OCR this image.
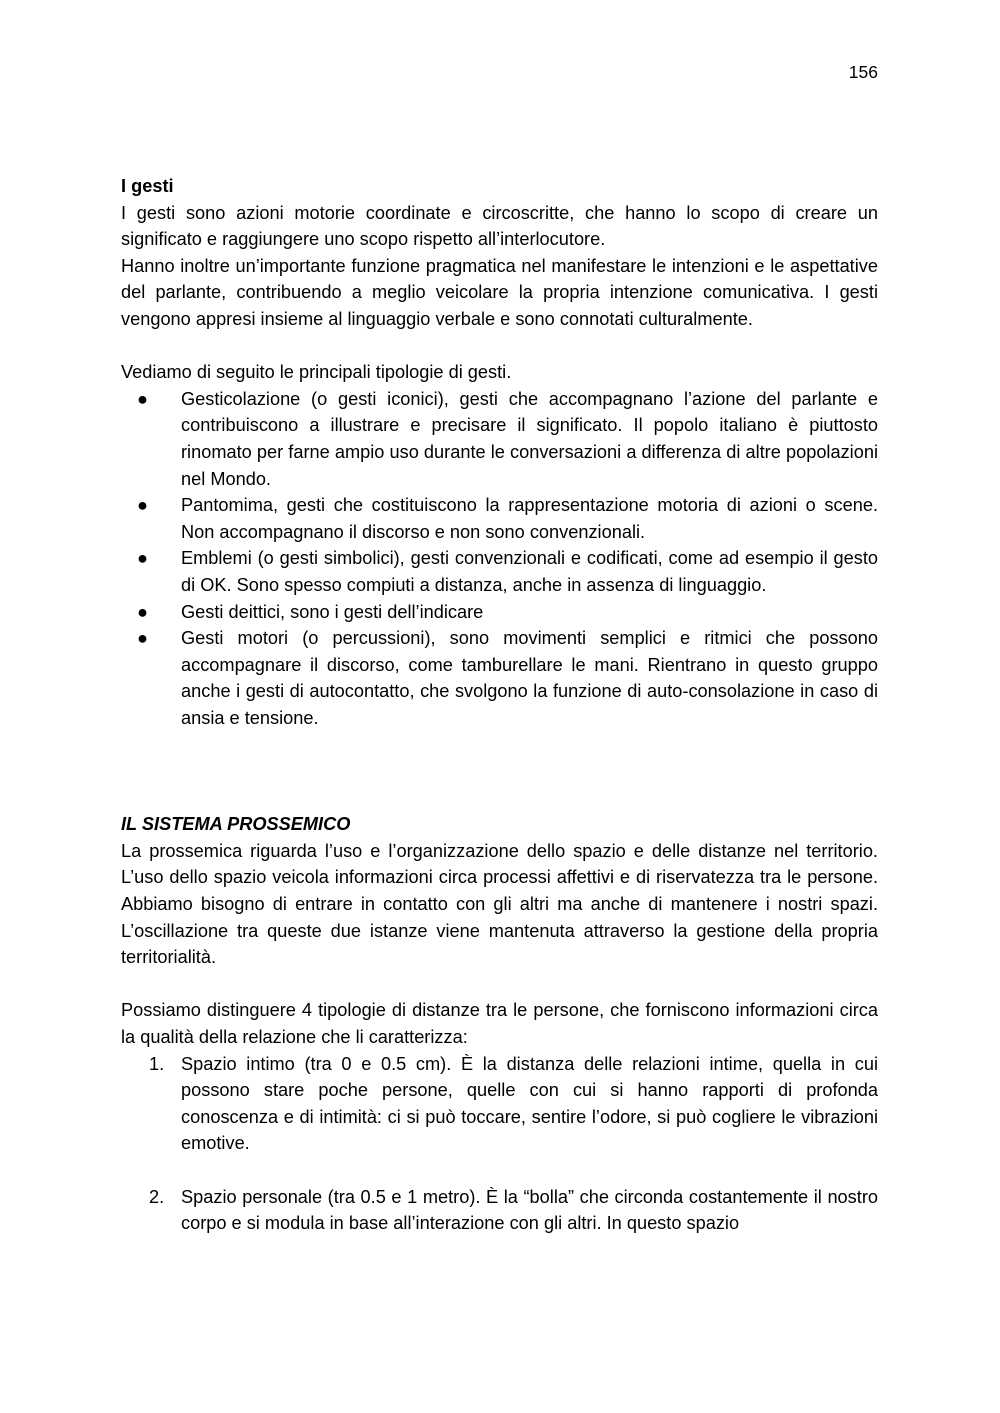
156
I gesti

I gesti sono azioni motorie coordinate e circoscritte, che hanno lo scopo di creare un significato e raggiungere uno scopo rispetto all’interlocutore.

Hanno inoltre un’importante funzione pragmatica nel manifestare le intenzioni e le aspettative del parlante, contribuendo a meglio veicolare la propria intenzione comunicativa. I gesti vengono appresi insieme al linguaggio verbale e sono connotati culturalmente.

Vediamo di seguito le principali tipologie di gesti.

● Gesticolazione (o gesti iconici), gesti che accompagnano l’azione del parlante e contribuiscono a illustrare e precisare il significato. Il popolo italiano è piuttosto rinomato per farne ampio uso durante le conversazioni a differenza di altre popolazioni nel Mondo.
● Pantomima, gesti che costituiscono la rappresentazione motoria di azioni o scene. Non accompagnano il discorso e non sono convenzionali.
● Emblemi (o gesti simbolici), gesti convenzionali e codificati, come ad esempio il gesto di OK. Sono spesso compiuti a distanza, anche in assenza di linguaggio.
● Gesti deittici, sono i gesti dell’indicare
● Gesti motori (o percussioni), sono movimenti semplici e ritmici che possono accompagnare il discorso, come tamburellare le mani. Rientrano in questo gruppo anche i gesti di autocontatto, che svolgono la funzione di auto-consolazione in caso di ansia e tensione.
IL SISTEMA PROSSEMICO

La prossemica riguarda l’uso e l’organizzazione dello spazio e delle distanze nel territorio. L’uso dello spazio veicola informazioni circa processi affettivi e di riservatezza tra le persone. Abbiamo bisogno di entrare in contatto con gli altri ma anche di mantenere i nostri spazi. L’oscillazione tra queste due istanze viene mantenuta attraverso la gestione della propria territorialità.

Possiamo distinguere 4 tipologie di distanze tra le persone, che forniscono informazioni circa la qualità della relazione che li caratterizza:

1. Spazio intimo (tra 0 e 0.5 cm). È la distanza delle relazioni intime, quella in cui possono stare poche persone, quelle con cui si hanno rapporti di profonda conoscenza e di intimità: ci si può toccare, sentire l’odore, si può cogliere le vibrazioni emotive.
2. Spazio personale (tra 0.5 e 1 metro). È la “bolla” che circonda costantemente il nostro corpo e si modula in base all’interazione con gli altri. In questo spazio
